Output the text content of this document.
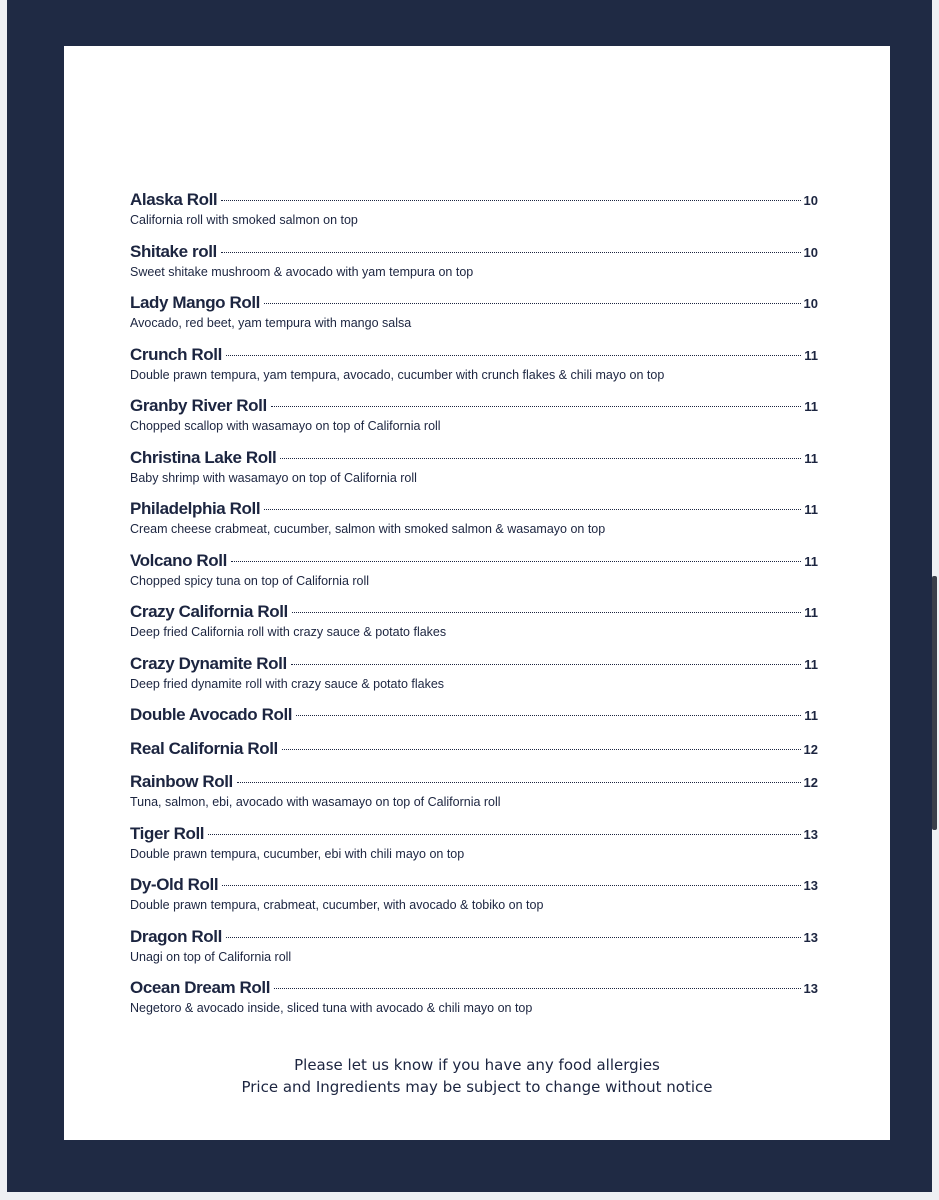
Alaska Roll	10
California roll with smoked salmon on top
Shitake roll	10
Sweet shitake mushroom & avocado with yam tempura on top
Lady Mango Roll	10
Avocado, red beet, yam tempura with mango salsa
Crunch Roll	11
Double prawn tempura, yam tempura, avocado, cucumber with crunch flakes & chili mayo on top
Granby River Roll	11
Chopped scallop with wasamayo on top of California roll
Christina Lake Roll	11
Baby shrimp with wasamayo on top of California roll
Philadelphia Roll	11
Cream cheese crabmeat, cucumber, salmon with smoked salmon & wasamayo on top
Volcano Roll	11
Chopped spicy tuna on top of California roll
Crazy California Roll	11
Deep fried California roll with crazy sauce & potato flakes
Crazy Dynamite Roll	11
Deep fried dynamite roll with crazy sauce & potato flakes
Double Avocado Roll	11
Real California Roll	12
Rainbow Roll	12
Tuna, salmon, ebi, avocado with wasamayo on top of California roll
Tiger Roll	13
Double prawn tempura, cucumber, ebi with chili mayo on top
Dy-Old Roll	13
Double prawn tempura, crabmeat, cucumber, with avocado & tobiko on top
Dragon Roll	13
Unagi on top of California roll
Ocean Dream Roll	13
Negetoro & avocado inside, sliced tuna with avocado & chili mayo on top
Please let us know if you have any food allergies
Price and Ingredients may be subject to change without notice
